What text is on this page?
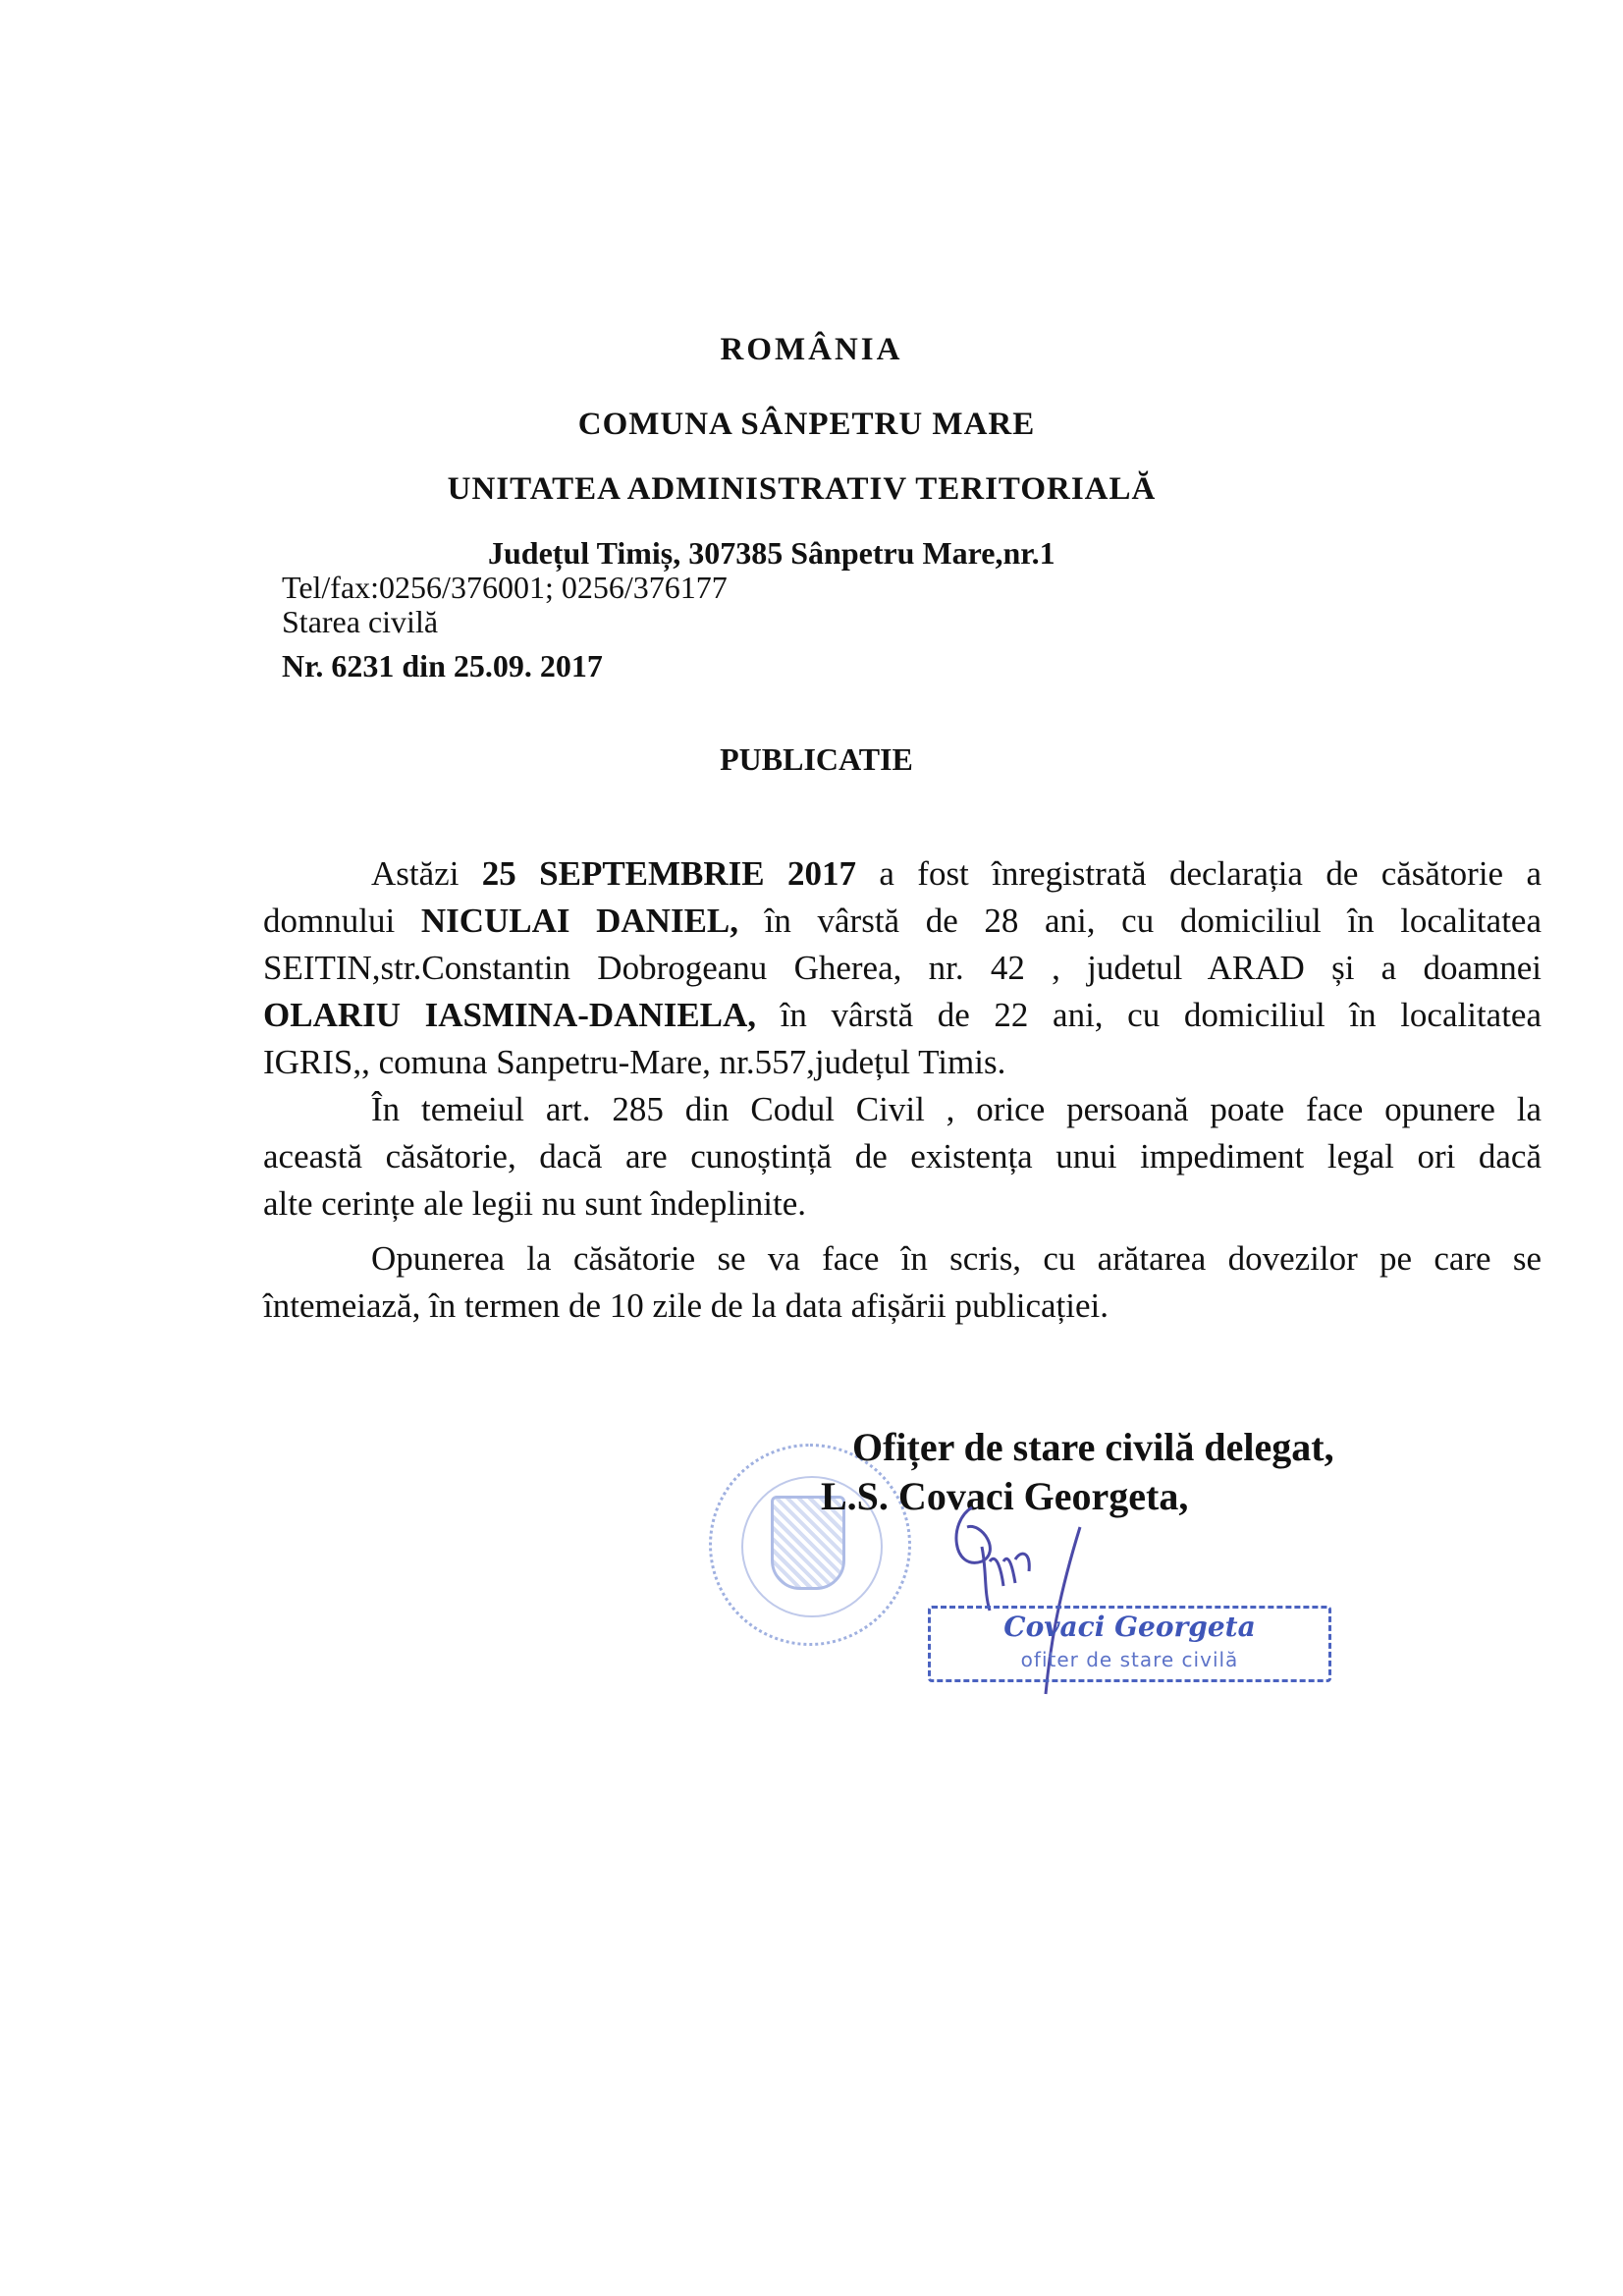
ROMÂNIA
COMUNA SÂNPETRU MARE
UNITATEA ADMINISTRATIV TERITORIALĂ
Județul Timiș, 307385 Sânpetru Mare,nr.1
Tel/fax:0256/376001; 0256/376177
Starea civilă
Nr. 6231 din 25.09. 2017
PUBLICATIE
Astăzi 25 SEPTEMBRIE 2017 a fost înregistrată declarația de căsătorie a
domnului NICULAI DANIEL, în vârstă de 28 ani, cu domiciliul în localitatea
SEITIN,str.Constantin Dobrogeanu Gherea, nr. 42 , judetul ARAD și a doamnei
OLARIU IASMINA-DANIELA, în vârstă de 22 ani, cu domiciliul în localitatea
IGRIS,, comuna Sanpetru-Mare, nr.557,județul Timis.
În temeiul art. 285 din Codul Civil , orice persoană poate face opunere la
această căsătorie, dacă are cunoștință de existența unui impediment legal ori dacă
alte cerințe ale legii nu sunt îndeplinite.
Opunerea la căsătorie se va face în scris, cu arătarea dovezilor pe care se
întemeiază, în termen de 10 zile de la data afișării publicației.
Ofițer de stare civilă delegat,
L.S. Covaci Georgeta,
Covaci Georgeta
ofiter de stare civilă
